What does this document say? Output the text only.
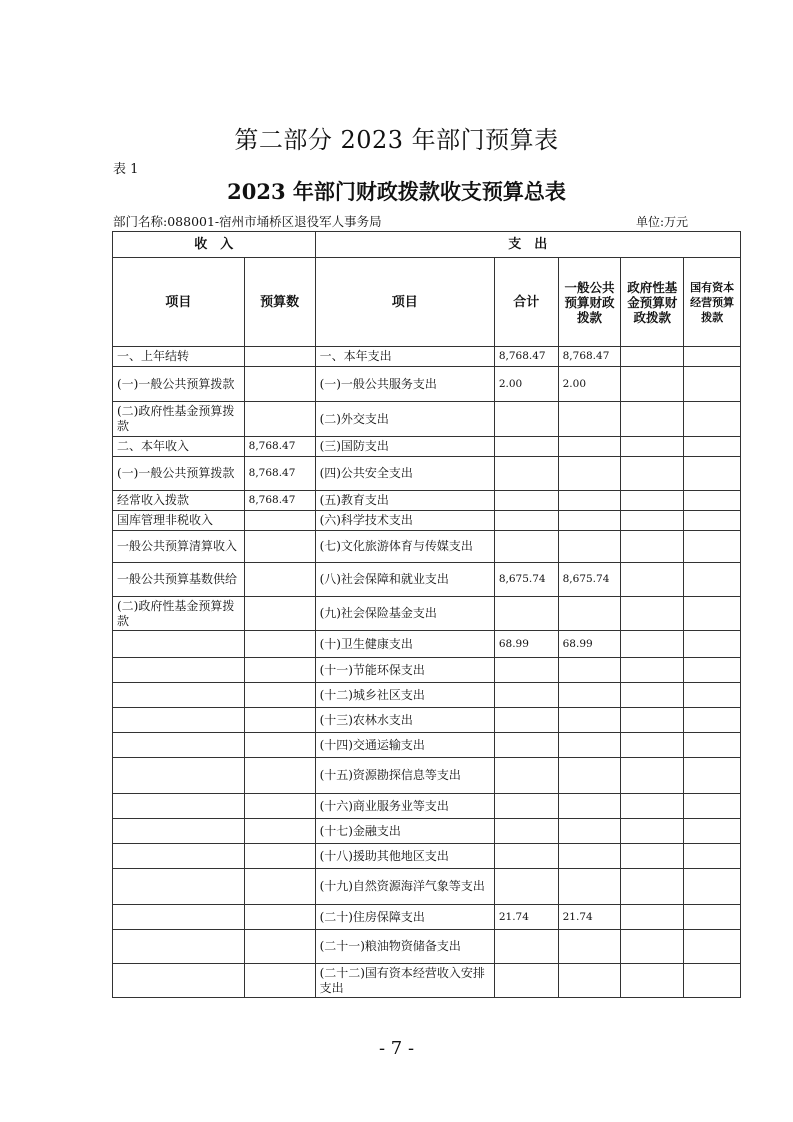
第二部分 2023 年部门预算表
表 1
2023 年部门财政拨款收支预算总表
部门名称:088001-宿州市埇桥区退役军人事务局	单位:万元
收　入		支　出				
项目	预算数	项目	合计	一般公共预算财政拨款	政府性基金预算财政拨款	国有资本经营预算拨款
一、上年结转		一、本年支出	8,768.47	8,768.47		
(一)一般公共预算拨款		(一)一般公共服务支出	2.00	2.00		
(二)政府性基金预算拨款		(二)外交支出				
二、本年收入	8,768.47	(三)国防支出				
(一)一般公共预算拨款	8,768.47	(四)公共安全支出				
经常收入拨款	8,768.47	(五)教育支出				
国库管理非税收入		(六)科学技术支出				
一般公共预算清算收入		(七)文化旅游体育与传媒支出				
一般公共预算基数供给		(八)社会保障和就业支出	8,675.74	8,675.74		
(二)政府性基金预算拨款		(九)社会保险基金支出				
		(十)卫生健康支出	68.99	68.99		
		(十一)节能环保支出				
		(十二)城乡社区支出				
		(十三)农林水支出				
		(十四)交通运输支出				
		(十五)资源勘探信息等支出				
		(十六)商业服务业等支出				
		(十七)金融支出				
		(十八)援助其他地区支出				
		(十九)自然资源海洋气象等支出				
		(二十)住房保障支出	21.74	21.74		
		(二十一)粮油物资储备支出				
		(二十二)国有资本经营收入安排支出				
- 7 -
